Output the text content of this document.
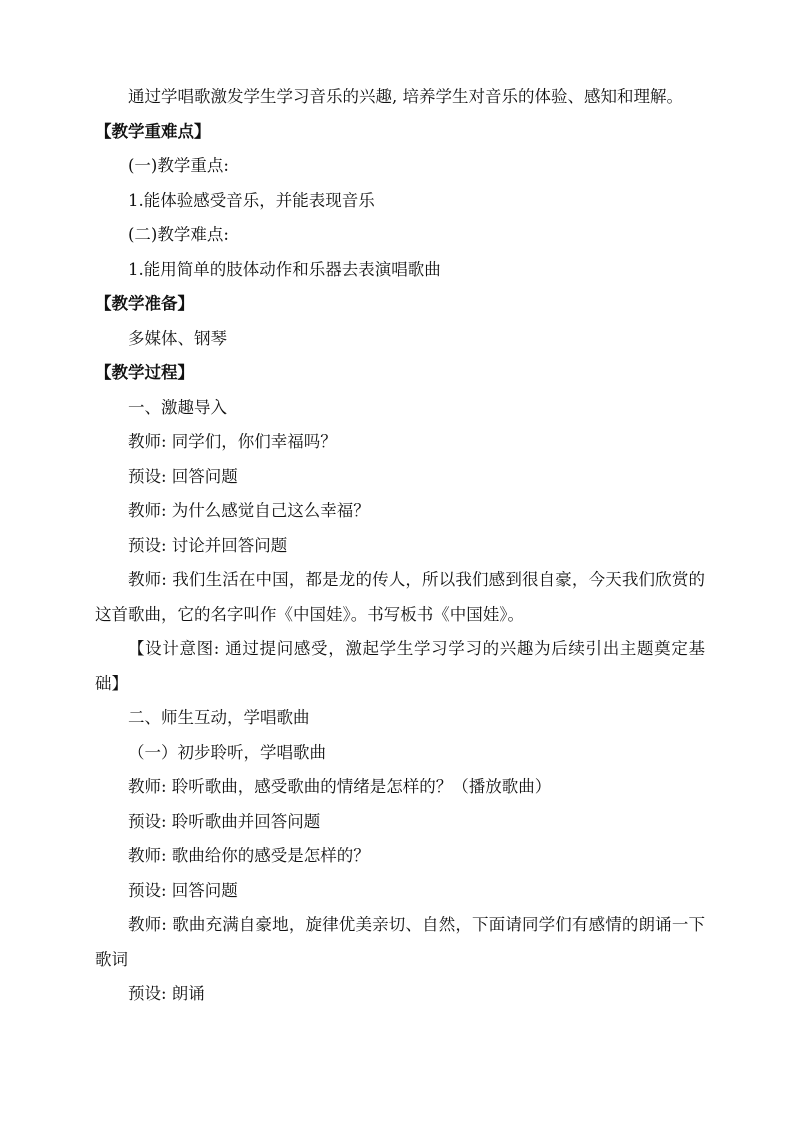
通过学唱歌激发学生学习音乐的兴趣, 培养学生对音乐的体验、感知和理解。

【教学重难点】

(一)教学重点:

1.能体验感受音乐，并能表现音乐

(二)教学难点:

1.能用简单的肢体动作和乐器去表演唱歌曲

【教学准备】

多媒体、钢琴

【教学过程】

一、激趣导入

教师: 同学们，你们幸福吗？

预设: 回答问题

教师: 为什么感觉自己这么幸福？

预设: 讨论并回答问题

教师: 我们生活在中国，都是龙的传人，所以我们感到很自豪，今天我们欣赏的这首歌曲，它的名字叫作《中国娃》。书写板书《中国娃》。

【设计意图: 通过提问感受，激起学生学习学习的兴趣为后续引出主题奠定基础】

二、师生互动，学唱歌曲

（一）初步聆听，学唱歌曲

教师: 聆听歌曲，感受歌曲的情绪是怎样的？（播放歌曲）

预设: 聆听歌曲并回答问题

教师: 歌曲给你的感受是怎样的？

预设: 回答问题

教师: 歌曲充满自豪地，旋律优美亲切、自然，下面请同学们有感情的朗诵一下歌词

预设: 朗诵
